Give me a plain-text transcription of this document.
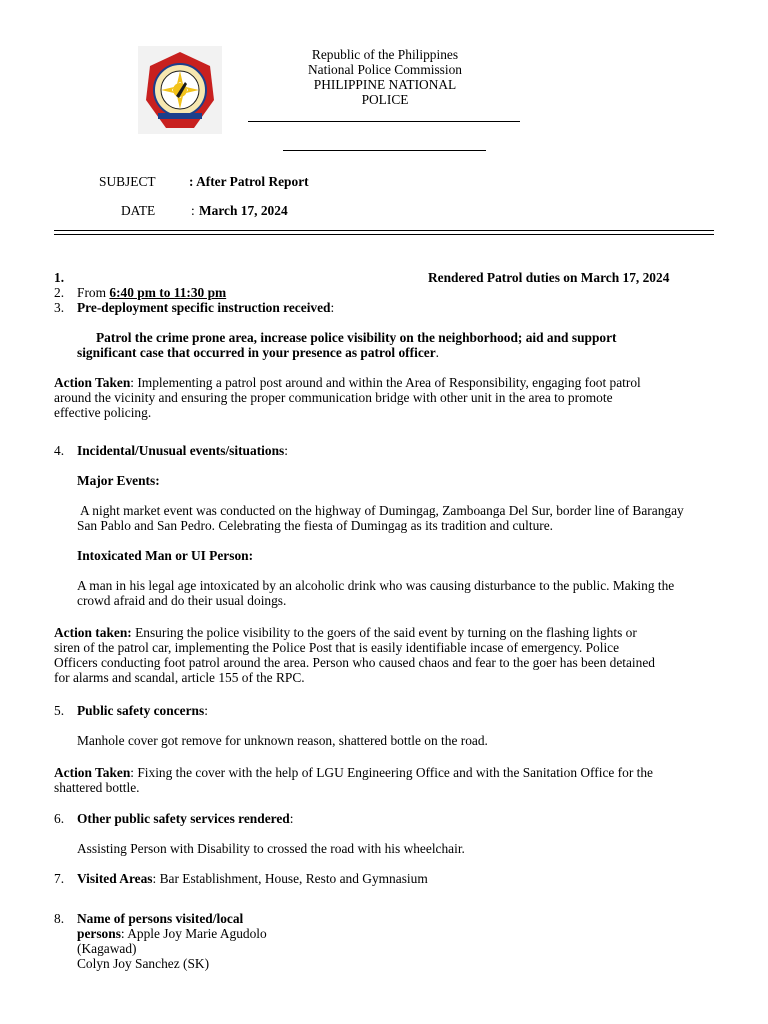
Republic of the Philippines
National Police Commission
PHILIPPINE NATIONAL
POLICE
SUBJECT : After Patrol Report
DATE	: March 17, 2024
1.	Rendered Patrol duties on March 17, 2024
2. From 6:40 pm to 11:30 pm
3. Pre-deployment specific instruction received:
Patrol the crime prone area, increase police visibility on the neighborhood; aid and support
significant case that occurred in your presence as patrol officer.
Action Taken: Implementing a patrol post around and within the Area of Responsibility, engaging foot patrol
around the vicinity and ensuring the proper communication bridge with other unit in the area to promote
effective policing.
4. Incidental/Unusual events/situations:
Major Events:
A night market event was conducted on the highway of Dumingag, Zamboanga Del Sur, border line of Barangay
San Pablo and San Pedro. Celebrating the fiesta of Dumingag as its tradition and culture.
Intoxicated Man or UI Person:
A man in his legal age intoxicated by an alcoholic drink who was causing disturbance to the public. Making the
crowd afraid and do their usual doings.
Action taken: Ensuring the police visibility to the goers of the said event by turning on the flashing lights or
siren of the patrol car, implementing the Police Post that is easily identifiable incase of emergency. Police
Officers conducting foot patrol around the area. Person who caused chaos and fear to the goer has been detained
for alarms and scandal, article 155 of the RPC.
5. Public safety concerns:
Manhole cover got remove for unknown reason, shattered bottle on the road.
Action Taken: Fixing the cover with the help of LGU Engineering Office and with the Sanitation Office for the
shattered bottle.
6. Other public safety services rendered:
Assisting Person with Disability to crossed the road with his wheelchair.
7. Visited Areas: Bar Establishment, House, Resto and Gymnasium
8. Name of persons visited/local
persons: Apple Joy Marie Agudolo
(Kagawad)
Colyn Joy Sanchez (SK)
